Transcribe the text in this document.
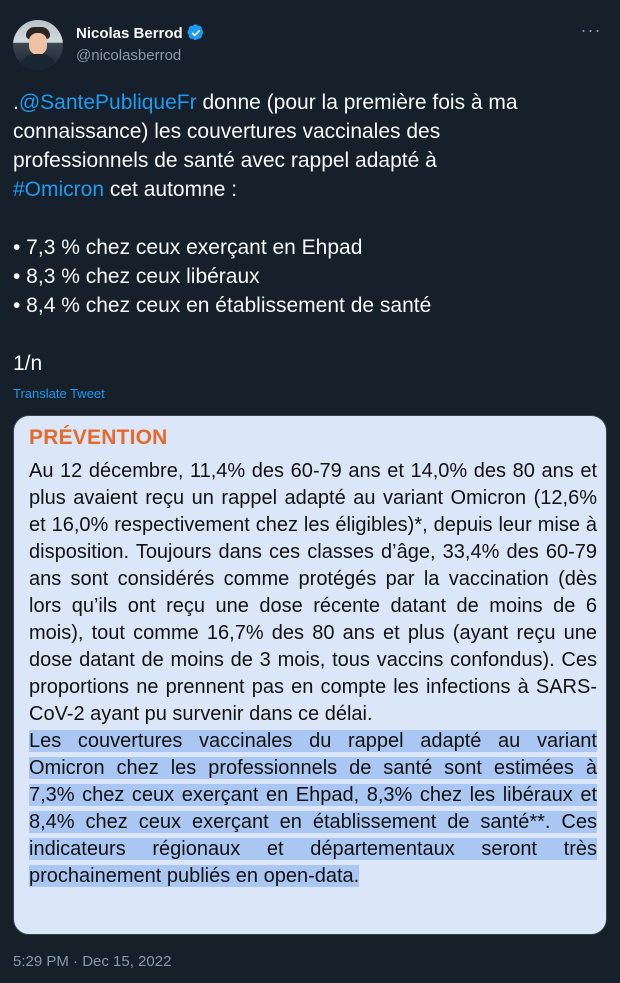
Nicolas Berrod
@nicolasberrod
···
.@SantePubliqueFr donne (pour la première fois à ma
connaissance) les couvertures vaccinales des
professionnels de santé avec rappel adapté à
#Omicron cet automne :
• 7,3 % chez ceux exerçant en Ehpad
• 8,3 % chez ceux libéraux
• 8,4 % chez ceux en établissement de santé
1/n
Translate Tweet
PRÉVENTION
Au 12 décembre, 11,4% des 60-79 ans et 14,0% des 80 ans et plus avaient reçu un rappel adapté au variant Omicron (12,6% et 16,0% respectivement chez les éligibles)*, depuis leur mise à disposition. Toujours dans ces classes d’âge, 33,4% des 60-79 ans sont considérés comme protégés par la vaccination (dès lors qu’ils ont reçu une dose récente datant de moins de 6 mois), tout comme 16,7% des 80 ans et plus (ayant reçu une dose datant de moins de 3 mois, tous vaccins confondus). Ces proportions ne prennent pas en compte les infections à SARS-CoV-2 ayant pu survenir dans ce délai.
Les couvertures vaccinales du rappel adapté au variant Omicron chez les professionnels de santé sont estimées à 7,3% chez ceux exerçant en Ehpad, 8,3% chez les libéraux et 8,4% chez ceux exerçant en établissement de santé**. Ces indicateurs régionaux et départementaux seront très prochainement publiés en open-data.
5:29 PM · Dec 15, 2022
